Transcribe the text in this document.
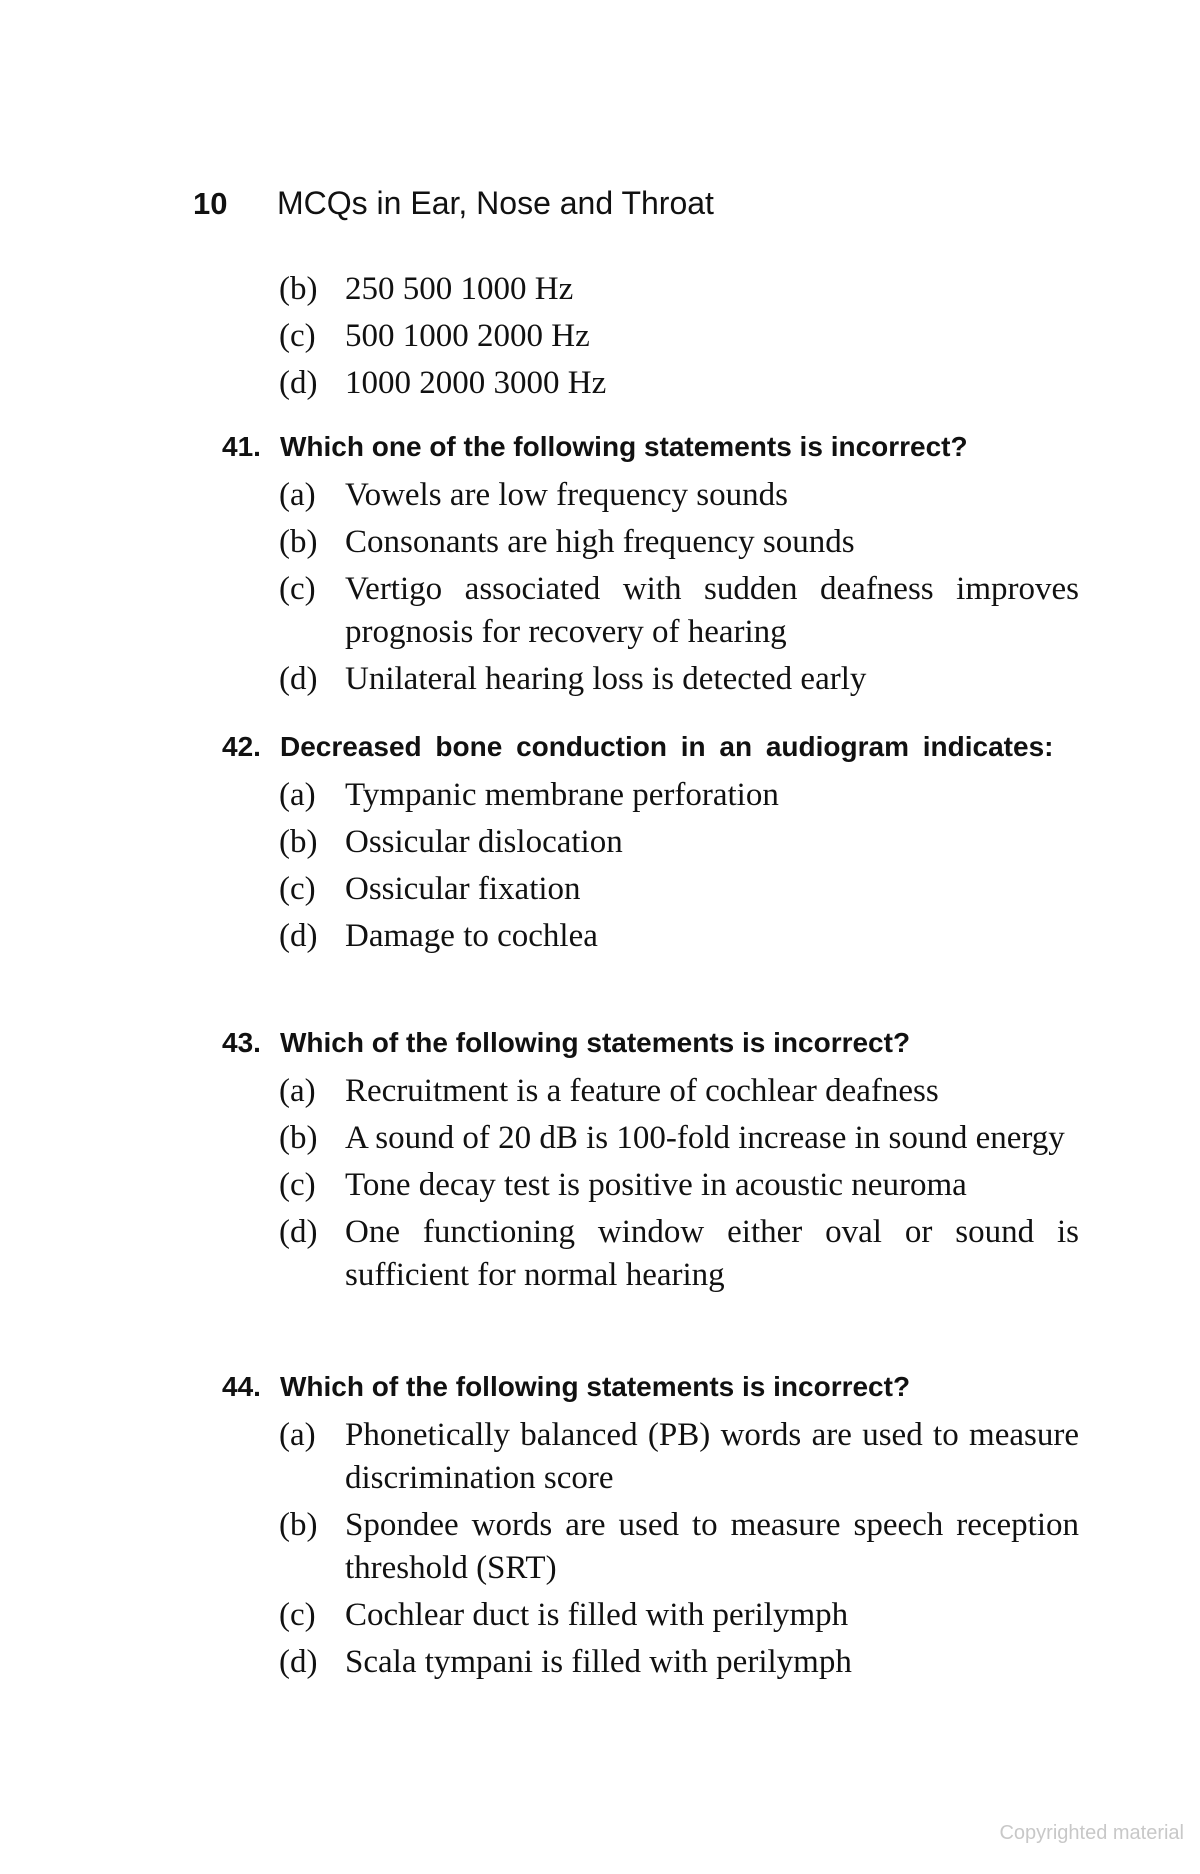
10	MCQs in Ear, Nose and Throat
(b) 250 500 1000 Hz
(c) 500 1000 2000 Hz
(d) 1000 2000 3000 Hz
41. Which one of the following statements is incorrect?
(a) Vowels are low frequency sounds
(b) Consonants are high frequency sounds
(c) Vertigo associated with sudden deafness improves prognosis for recovery of hearing
(d) Unilateral hearing loss is detected early
42. Decreased bone conduction in an audiogram indicates:
(a) Tympanic membrane perforation
(b) Ossicular dislocation
(c) Ossicular fixation
(d) Damage to cochlea
43. Which of the following statements is incorrect?
(a) Recruitment is a feature of cochlear deafness
(b) A sound of 20 dB is 100-fold increase in sound energy
(c) Tone decay test is positive in acoustic neuroma
(d) One functioning window either oval or sound is sufficient for normal hearing
44. Which of the following statements is incorrect?
(a) Phonetically balanced (PB) words are used to measure discrimination score
(b) Spondee words are used to measure speech reception threshold (SRT)
(c) Cochlear duct is filled with perilymph
(d) Scala tympani is filled with perilymph
Copyrighted material
